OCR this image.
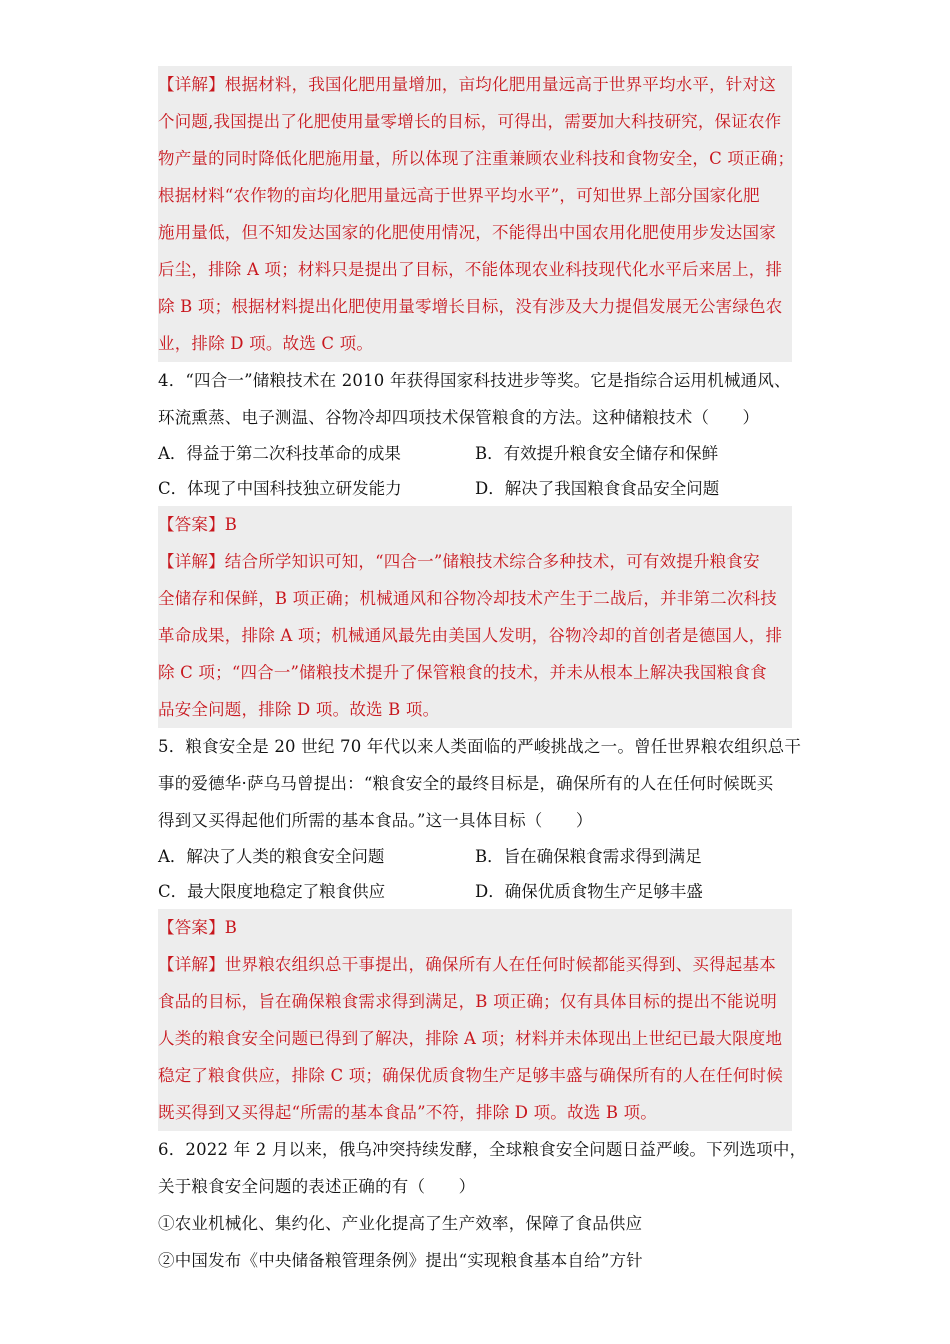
【详解】根据材料，我国化肥用量增加，亩均化肥用量远高于世界平均水平，针对这
个问题,我国提出了化肥使用量零增长的目标，可得出，需要加大科技研究，保证农作
物产量的同时降低化肥施用量，所以体现了注重兼顾农业科技和食物安全，C 项正确；
根据材料“农作物的亩均化肥用量远高于世界平均水平”，可知世界上部分国家化肥
施用量低，但不知发达国家的化肥使用情况，不能得出中国农用化肥使用步发达国家
后尘，排除 A 项；材料只是提出了目标，不能体现农业科技现代化水平后来居上，排
除 B 项；根据材料提出化肥使用量零增长目标，没有涉及大力提倡发展无公害绿色农
业，排除 D 项。故选 C 项。
4．“四合一”储粮技术在 2010 年获得国家科技进步等奖。它是指综合运用机械通风、
环流熏蒸、电子测温、谷物冷却四项技术保管粮食的方法。这种储粮技术（　　）
A．得益于第二次科技革命的成果	B．有效提升粮食安全储存和保鲜
C．体现了中国科技独立研发能力	D．解决了我国粮食食品安全问题
【答案】B
【详解】结合所学知识可知，“四合一”储粮技术综合多种技术，可有效提升粮食安
全储存和保鲜，B 项正确；机械通风和谷物冷却技术产生于二战后，并非第二次科技
革命成果，排除 A 项；机械通风最先由美国人发明，谷物冷却的首创者是德国人，排
除 C 项；“四合一”储粮技术提升了保管粮食的技术，并未从根本上解决我国粮食食
品安全问题，排除 D 项。故选 B 项。
5．粮食安全是 20 世纪 70 年代以来人类面临的严峻挑战之一。曾任世界粮农组织总干
事的爱德华·萨乌马曾提出：“粮食安全的最终目标是，确保所有的人在任何时候既买
得到又买得起他们所需的基本食品。”这一具体目标（　　）
A．解决了人类的粮食安全问题	B．旨在确保粮食需求得到满足
C．最大限度地稳定了粮食供应	D．确保优质食物生产足够丰盛
【答案】B
【详解】世界粮农组织总干事提出，确保所有人在任何时候都能买得到、买得起基本
食品的目标，旨在确保粮食需求得到满足，B 项正确；仅有具体目标的提出不能说明
人类的粮食安全问题已得到了解决，排除 A 项；材料并未体现出上世纪已最大限度地
稳定了粮食供应，排除 C 项；确保优质食物生产足够丰盛与确保所有的人在任何时候
既买得到又买得起“所需的基本食品”不符，排除 D 项。故选 B 项。
6．2022 年 2 月以来，俄乌冲突持续发酵，全球粮食安全问题日益严峻。下列选项中，
关于粮食安全问题的表述正确的有（　　）
①农业机械化、集约化、产业化提高了生产效率，保障了食品供应
②中国发布《中央储备粮管理条例》提出“实现粮食基本自给”方针
